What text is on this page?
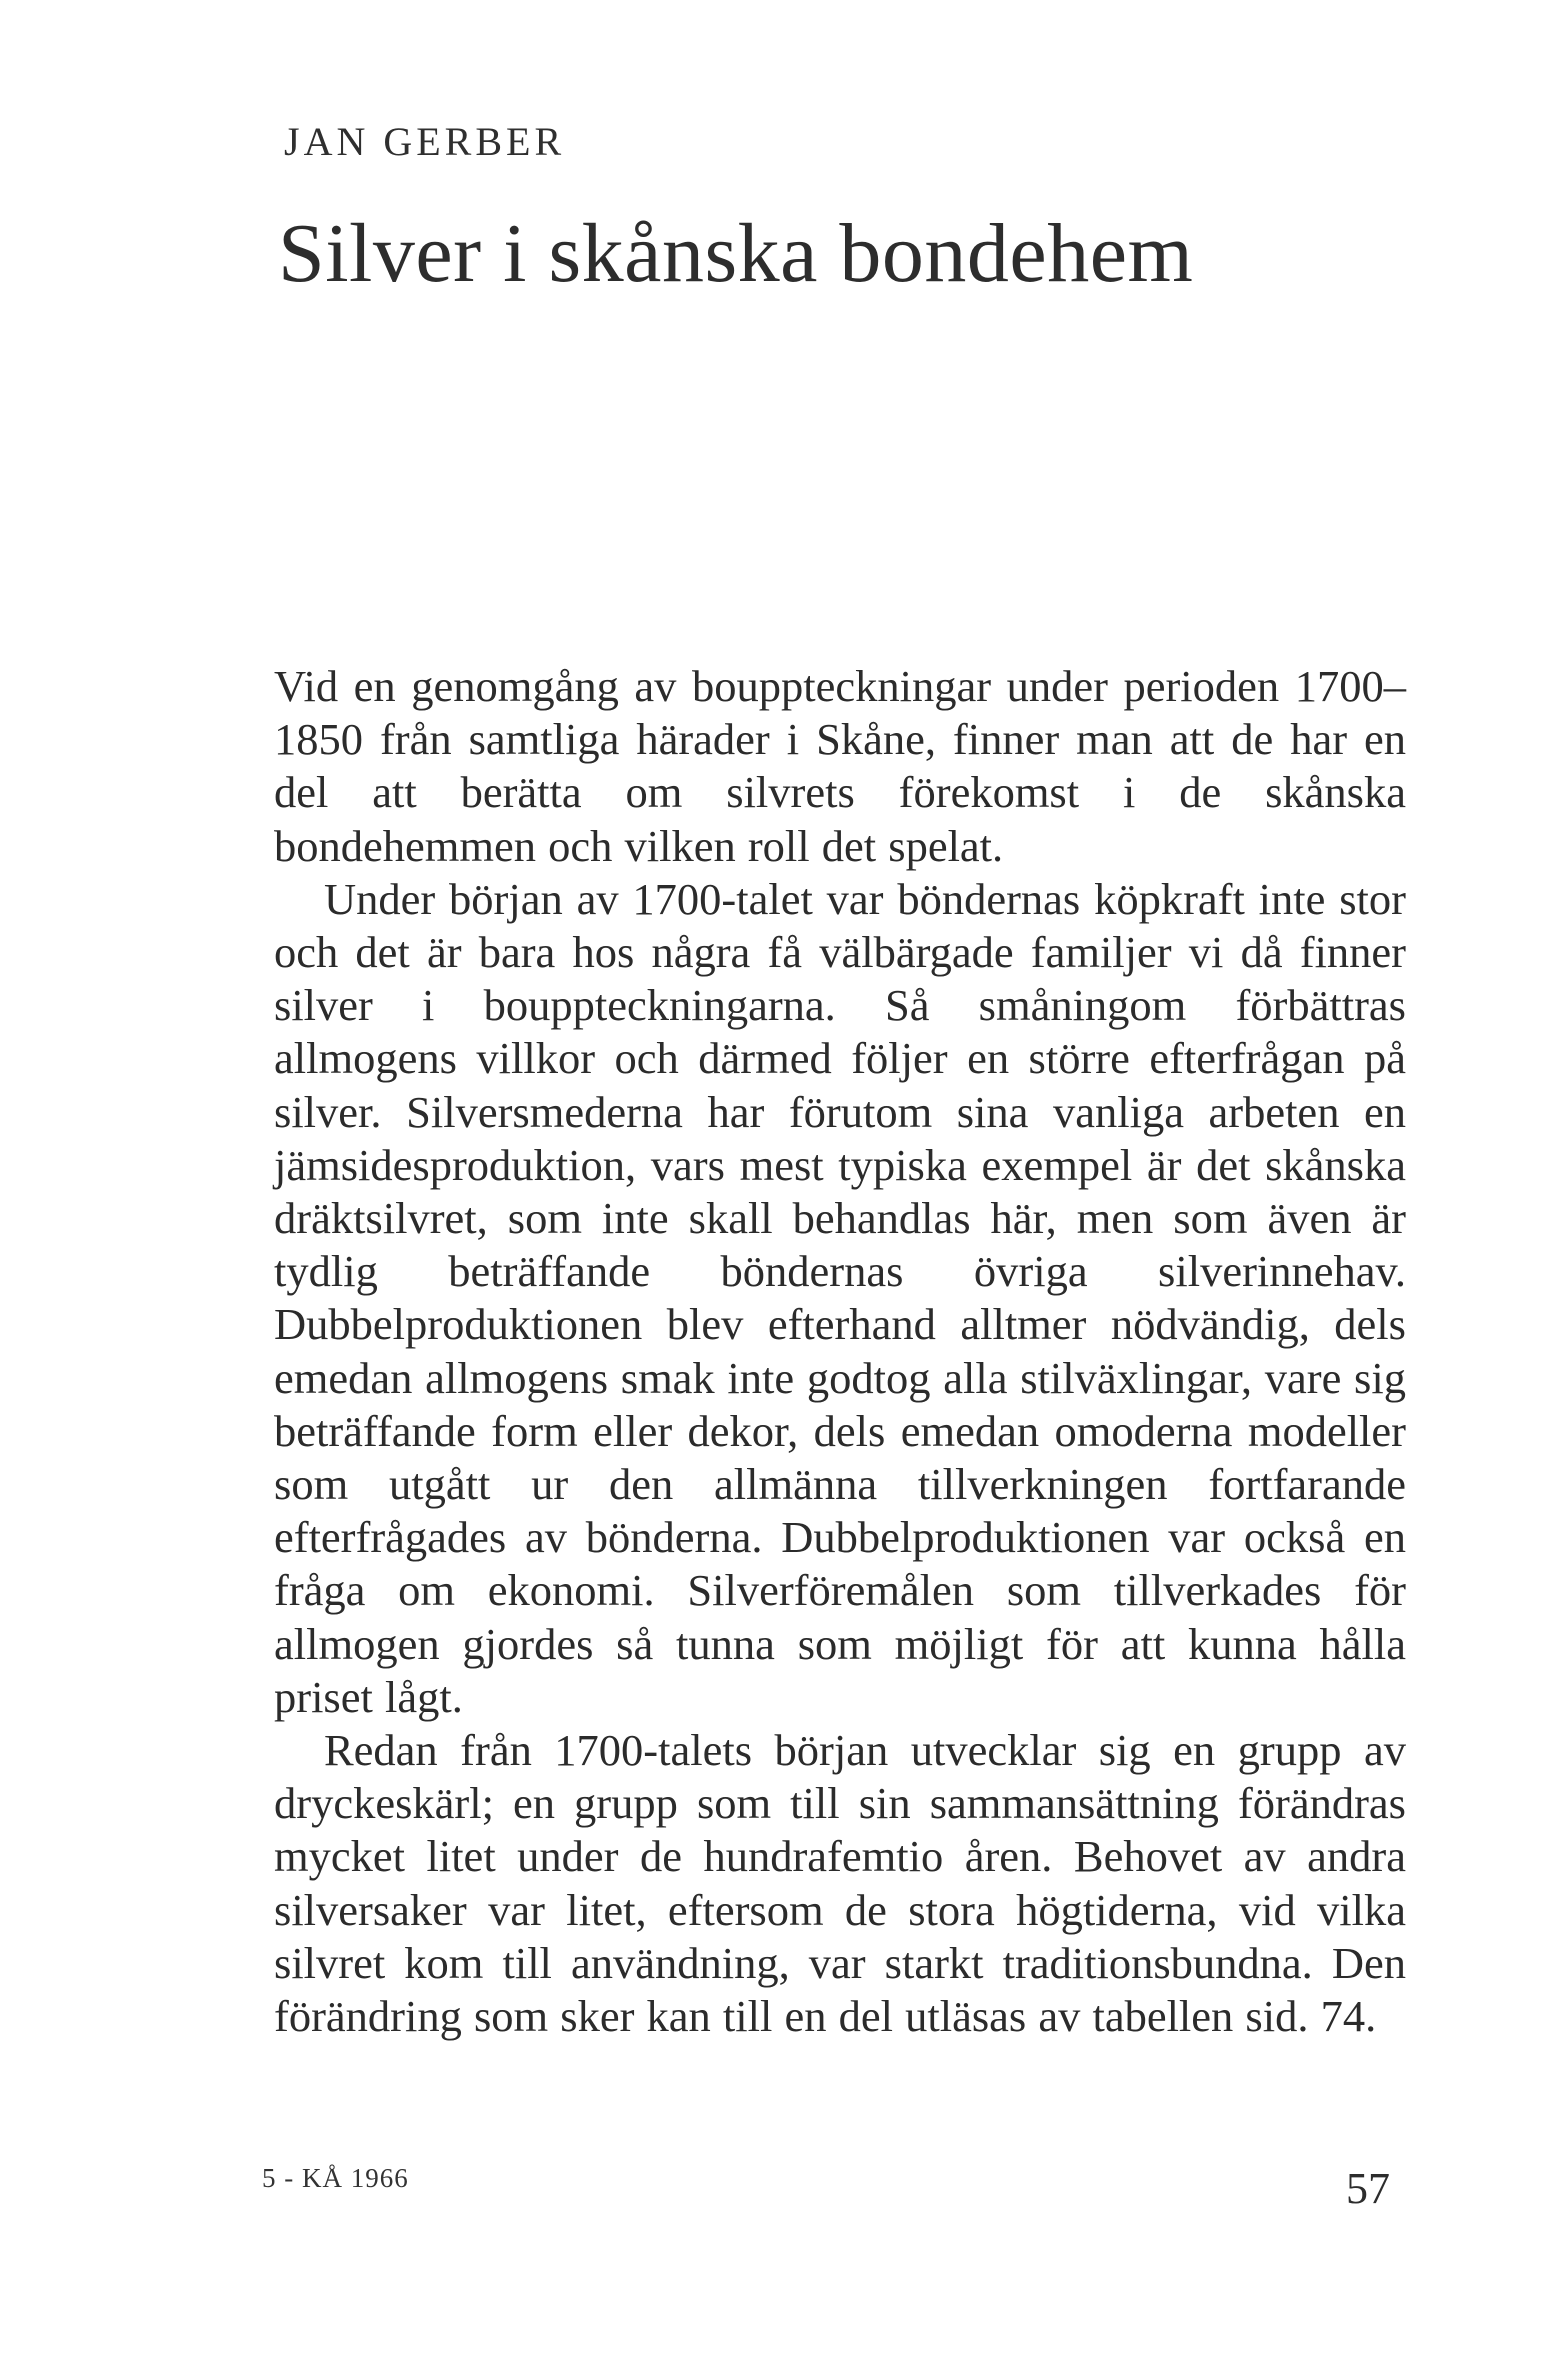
JAN GERBER
Silver i skånska bondehem

Vid en genomgång av bouppteckningar under perioden 1700–1850 från samtliga härader i Skåne, finner man att de har en del att berätta om silvrets förekomst i de skånska bondehemmen och vilken roll det spelat.

Under början av 1700-talet var böndernas köpkraft inte stor och det är bara hos några få välbärgade familjer vi då finner silver i bouppteckningarna. Så småningom förbättras allmogens villkor och därmed följer en större efterfrågan på silver. Silversmederna har förutom sina vanliga arbeten en jämsidesproduktion, vars mest typiska exempel är det skånska dräktsilvret, som inte skall behandlas här, men som även är tydlig beträffande böndernas övriga silverinnehav. Dubbelproduktionen blev efterhand alltmer nödvändig, dels emedan allmogens smak inte godtog alla stilväxlingar, vare sig beträffande form eller dekor, dels emedan omoderna modeller som utgått ur den allmänna tillverkningen fortfarande efterfrågades av bönderna. Dubbelproduktionen var också en fråga om ekonomi. Silverföremålen som tillverkades för allmogen gjordes så tunna som möjligt för att kunna hålla priset lågt.

Redan från 1700-talets början utvecklar sig en grupp av dryckeskärl; en grupp som till sin sammansättning förändras mycket litet under de hundrafemtio åren. Behovet av andra silversaker var litet, eftersom de stora högtiderna, vid vilka silvret kom till användning, var starkt traditionsbundna. Den förändring som sker kan till en del utläsas av tabellen sid. 74.

5 - KÅ 1966	57
